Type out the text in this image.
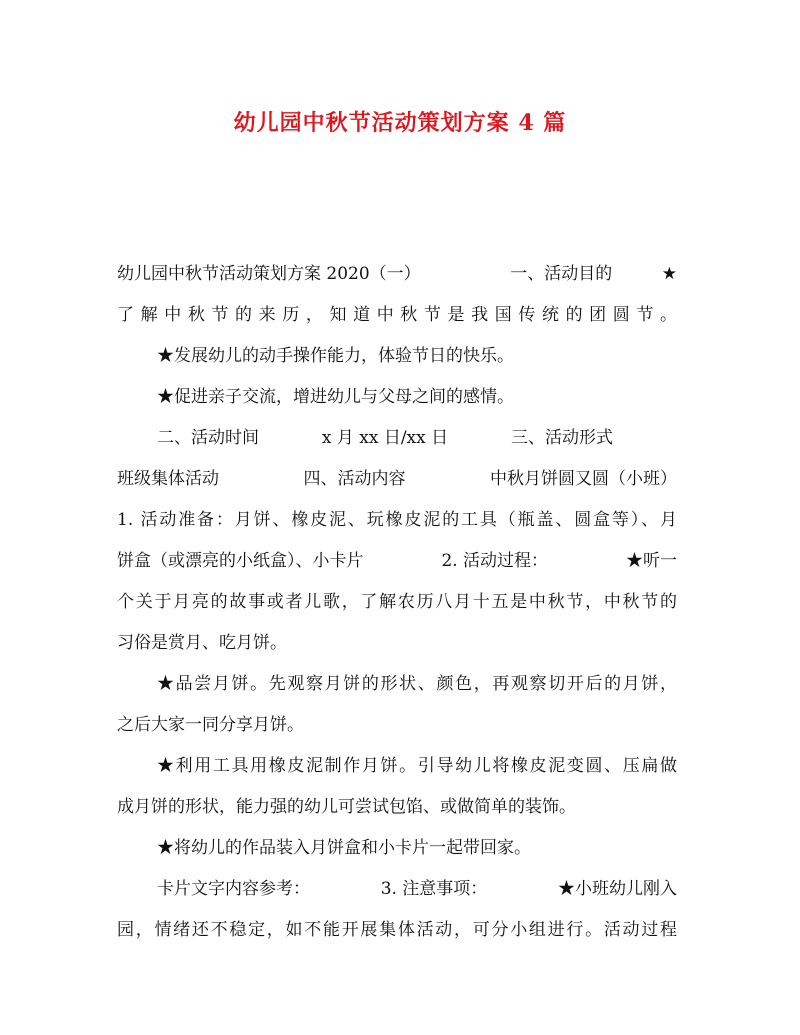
幼儿园中秋节活动策划方案 4 篇
幼儿园中秋节活动策划方案 2020（一）	一、活动目的	★
了解中秋节的来历，知道中秋节是我国传统的团圆节。
★发展幼儿的动手操作能力，体验节日的快乐。
★促进亲子交流，增进幼儿与父母之间的感情。
二、活动时间	x 月 xx 日/xx 日	三、活动形式
班级集体活动	四、活动内容	中秋月饼圆又圆（小班）
1. 活动准备：月饼、橡皮泥、玩橡皮泥的工具（瓶盖、圆盒等）、月
饼盒（或漂亮的小纸盒）、小卡片	2. 活动过程：	★听一
个关于月亮的故事或者儿歌，了解农历八月十五是中秋节，中秋节的
习俗是赏月、吃月饼。
★品尝月饼。先观察月饼的形状、颜色，再观察切开后的月饼，
之后大家一同分享月饼。
★利用工具用橡皮泥制作月饼。引导幼儿将橡皮泥变圆、压扁做
成月饼的形状，能力强的幼儿可尝试包馅、或做简单的装饰。
★将幼儿的作品装入月饼盒和小卡片一起带回家。
卡片文字内容参考：	3. 注意事项：	★小班幼儿刚入
园，情绪还不稳定，如不能开展集体活动，可分小组进行。活动过程
